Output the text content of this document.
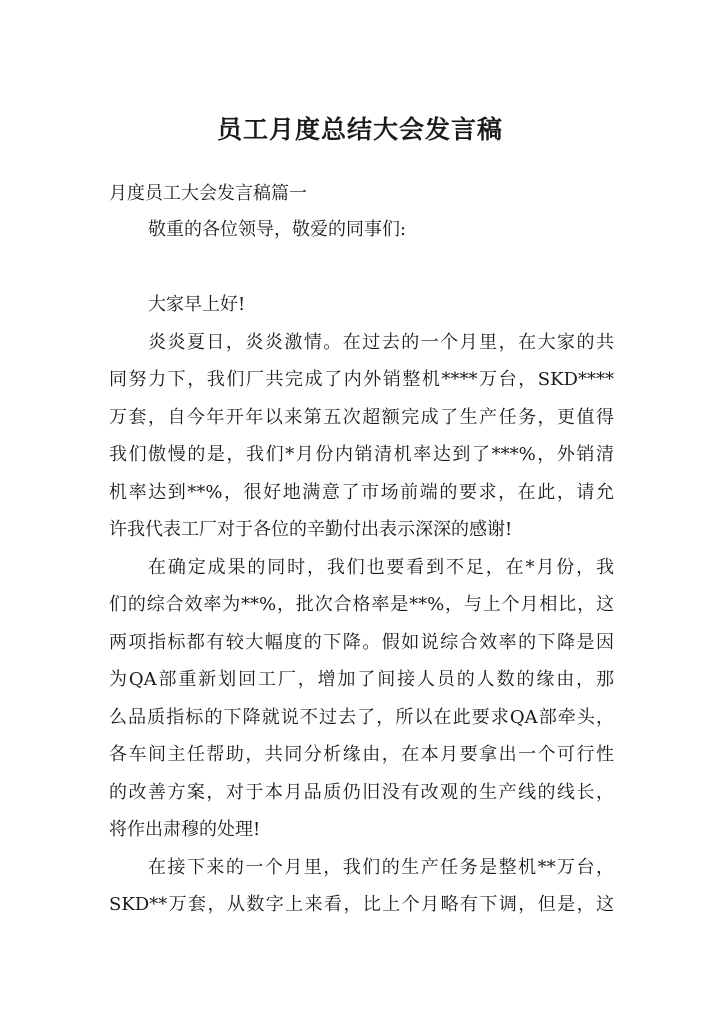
员工月度总结大会发言稿
月度员工大会发言稿篇一
敬重的各位领导，敬爱的同事们:
大家早上好!
炎炎夏日，炎炎激情。在过去的一个月里，在大家的共
同努力下，我们厂共完成了内外销整机****万台，SKD****
万套，自今年开年以来第五次超额完成了生产任务，更值得
我们傲慢的是，我们*月份内销清机率达到了***%，外销清
机率达到**%，很好地满意了市场前端的要求，在此，请允
许我代表工厂对于各位的辛勤付出表示深深的感谢!
在确定成果的同时，我们也要看到不足，在*月份，我
们的综合效率为**%，批次合格率是**%，与上个月相比，这
两项指标都有较大幅度的下降。假如说综合效率的下降是因
为QA部重新划回工厂，增加了间接人员的人数的缘由，那
么品质指标的下降就说不过去了，所以在此要求QA部牵头，
各车间主任帮助，共同分析缘由，在本月要拿出一个可行性
的改善方案，对于本月品质仍旧没有改观的生产线的线长，
将作出肃穆的处理!
在接下来的一个月里，我们的生产任务是整机**万台，
SKD**万套，从数字上来看，比上个月略有下调，但是，这
